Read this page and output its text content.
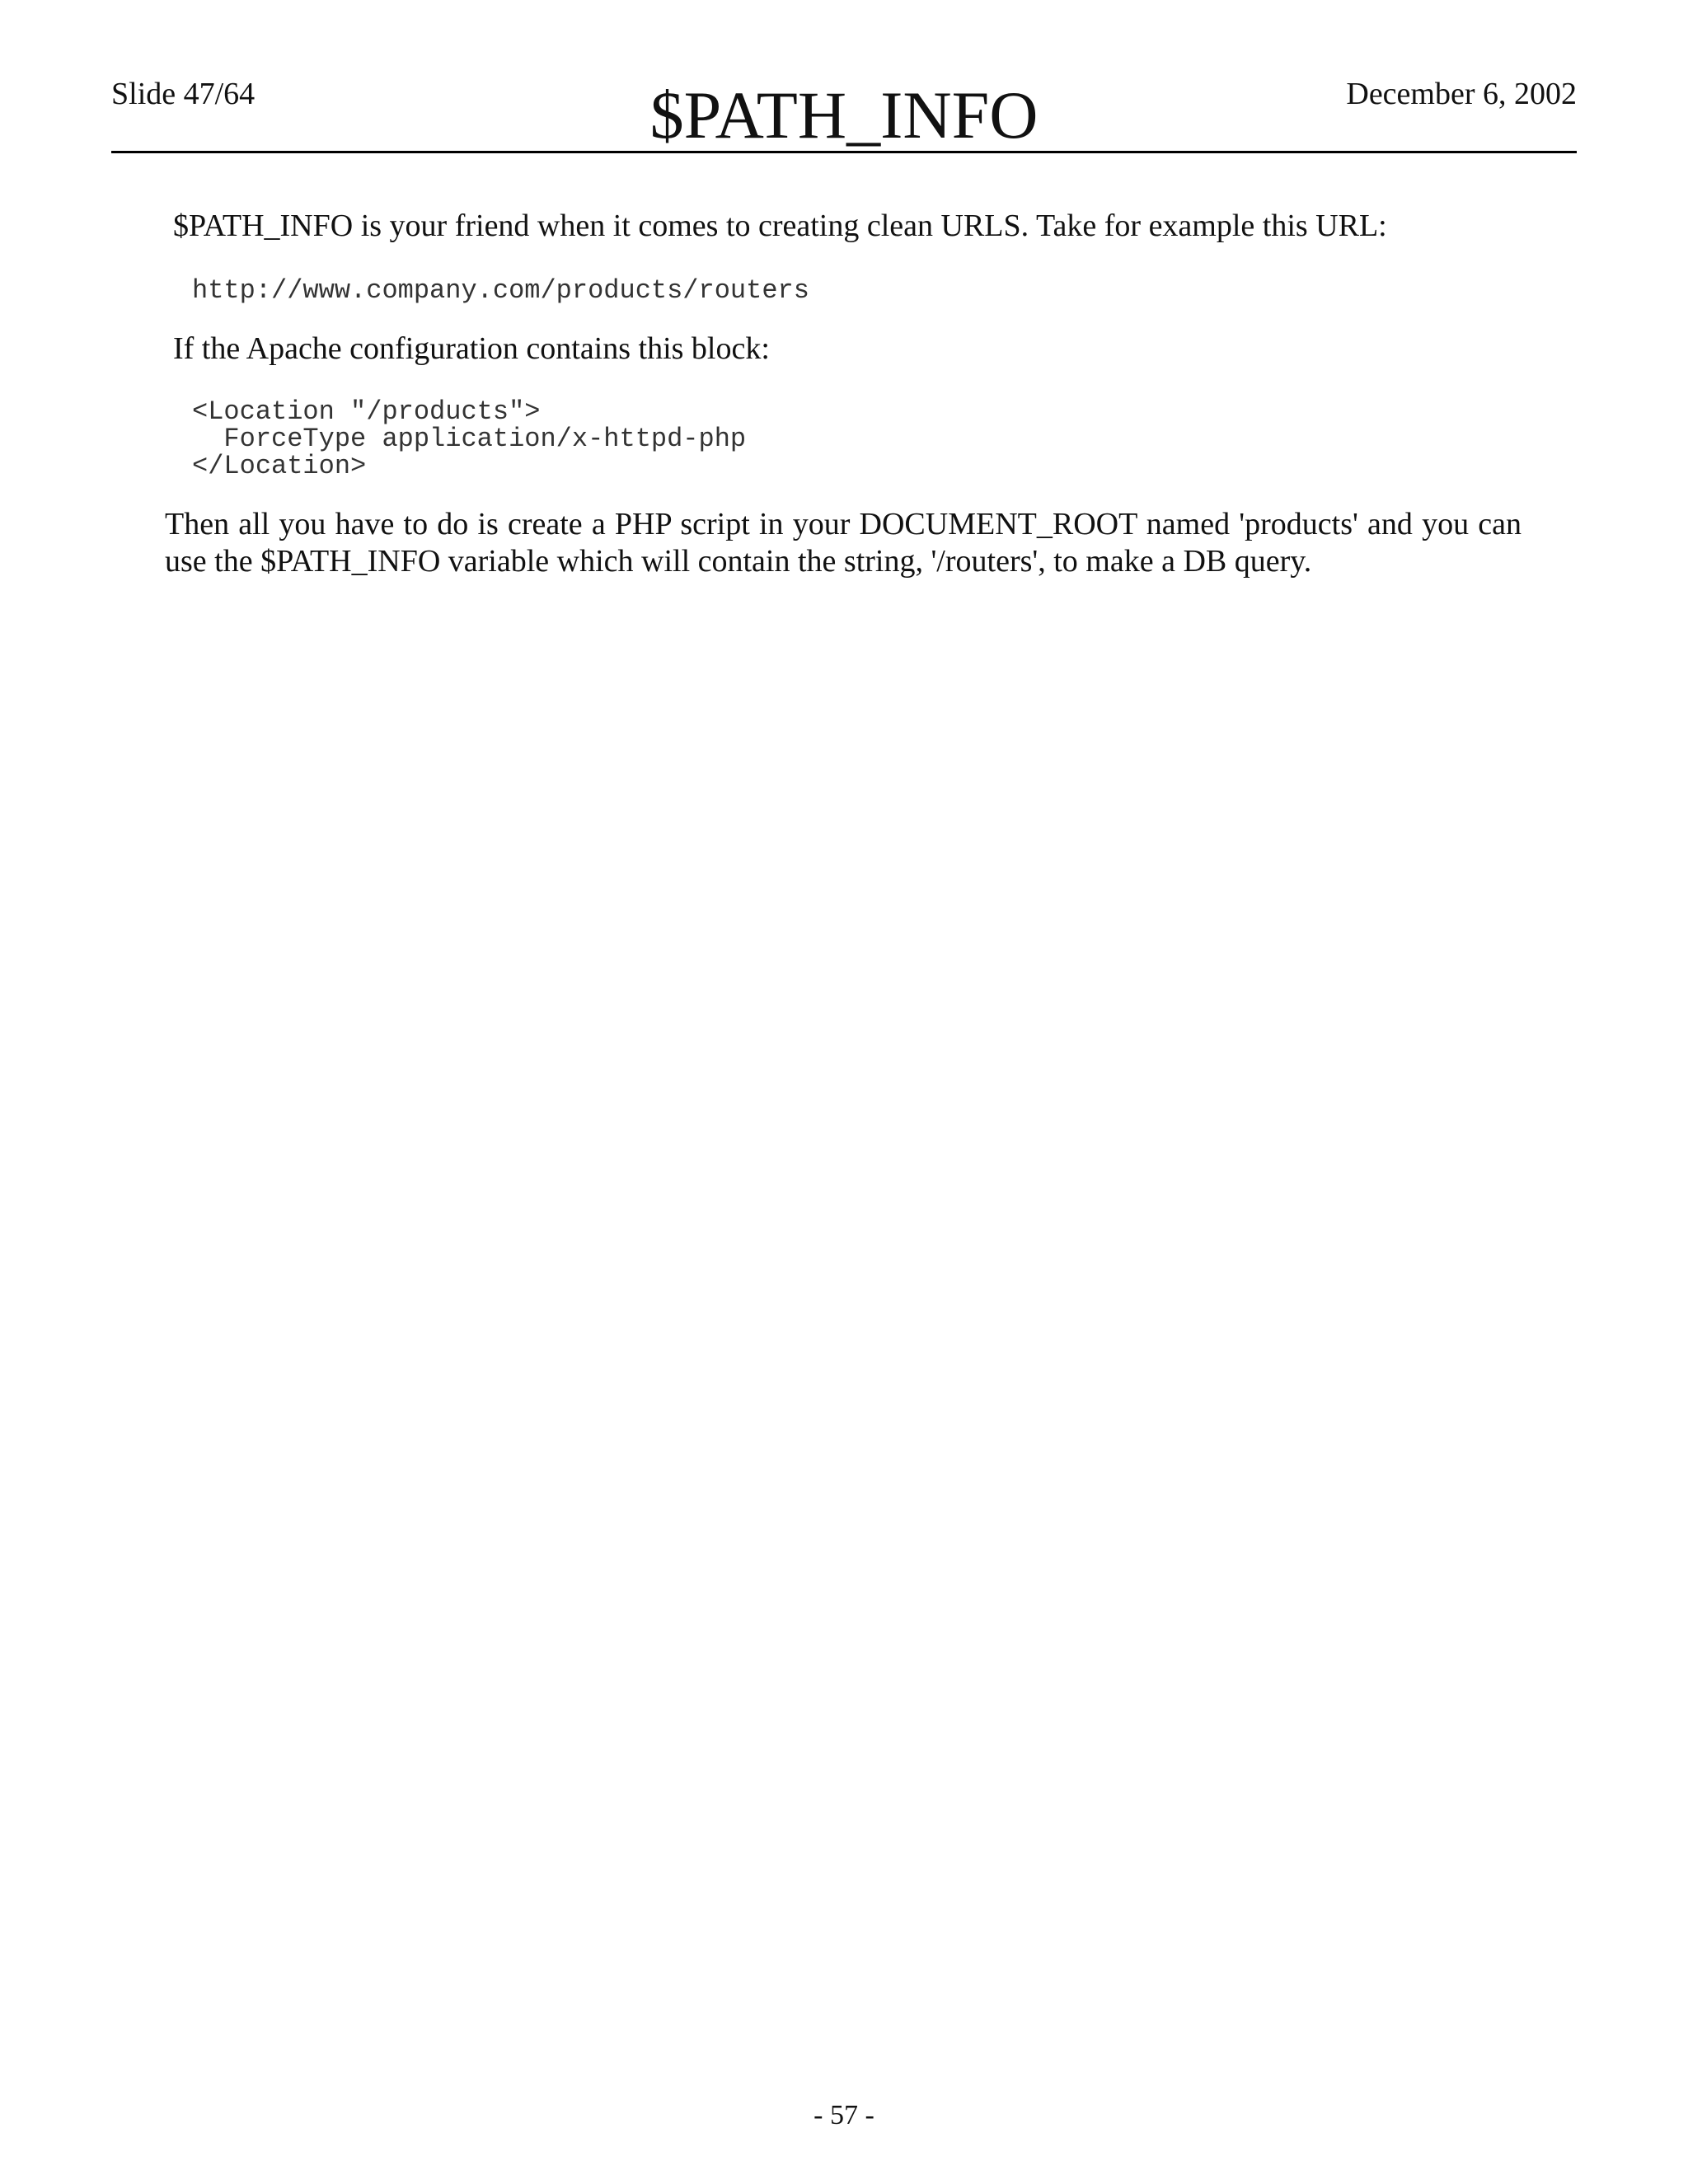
Slide 47/64	$PATH_INFO	December 6, 2002
$PATH_INFO is your friend when it comes to creating clean URLS. Take for example this URL:
http://www.company.com/products/routers
If the Apache configuration contains this block:
<Location "/products">
ForceType application/x-httpd-php
</Location>
Then all you have to do is create a PHP script in your DOCUMENT_ROOT named 'products' and you can use the $PATH_INFO variable which will contain the string, '/routers', to make a DB query.
- 57 -
